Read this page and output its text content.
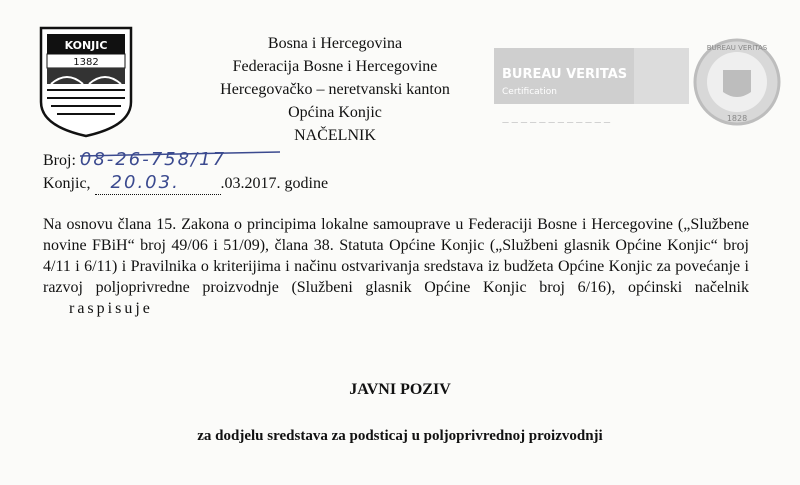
KONJIC
1382
Bosna i Hercegovina
Federacija Bosne i Hercegovine
Hercegovačko – neretvanski kanton
Općina Konjic
NAČELNIK
BUREAU VERITAS
Certification
— — — — — — — — — — — —
BUREAU VERITAS
1828
Broj: 08-26-758/17
Konjic, 20.03.	.03.2017. godine
Na osnovu člana 15. Zakona o principima lokalne samouprave u Federaciji Bosne i Hercegovine („Službene novine FBiH“ broj 49/06 i 51/09), člana 38. Statuta Općine Konjic („Službeni glasnik Općine Konjic“ broj 4/11 i 6/11) i Pravilnika o kriterijima i načinu ostvarivanja sredstava iz budžeta Općine Konjic za povećanje i razvoj poljoprivredne proizvodnje (Službeni glasnik Općine Konjic broj 6/16), općinski načelnik raspisuje
JAVNI POZIV
za dodjelu sredstava za podsticaj u poljoprivrednoj proizvodnji
